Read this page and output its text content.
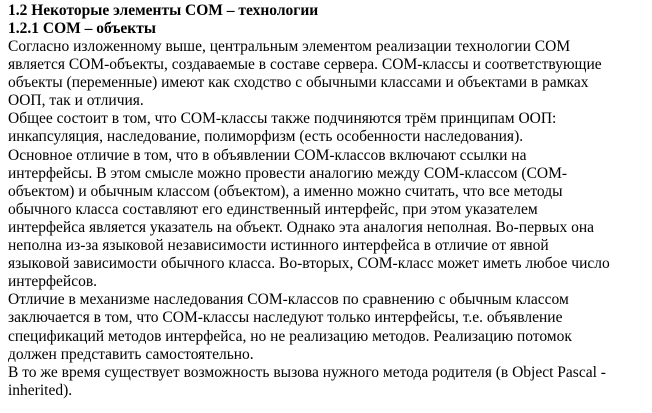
1.2 Некоторые элементы COM – технологии
1.2.1 COM – объекты
Согласно изложенному выше, центральным элементом реализации технологии COM
является COM-объекты, создаваемые в составе сервера. COM-классы и соответствующие
объекты (переменные) имеют как сходство с обычными классами и объектами в рамках
ООП, так и отличия.
Общее состоит в том, что COM-классы также подчиняются трём принципам ООП:
инкапсуляция, наследование, полиморфизм (есть особенности наследования).
Основное отличие в том, что в объявлении COM-классов включают ссылки на
интерфейсы. В этом смысле можно провести аналогию между COM-классом (COM-
объектом) и обычным классом (объектом), а именно можно считать, что все методы
обычного класса составляют его единственный интерфейс, при этом указателем
интерфейса является указатель на объект. Однако эта аналогия неполная. Во-первых она
неполна из-за языковой независимости истинного интерфейса в отличие от явной
языковой зависимости обычного класса. Во-вторых, COM-класс может иметь любое число
интерфейсов.
Отличие в механизме наследования COM-классов по сравнению с обычным классом
заключается в том, что COM-классы наследуют только интерфейсы, т.е. объявление
спецификаций методов интерфейса, но не реализацию методов. Реализацию потомок
должен представить самостоятельно.
В то же время существует возможность вызова нужного метода родителя (в Object Pascal -
inherited).
